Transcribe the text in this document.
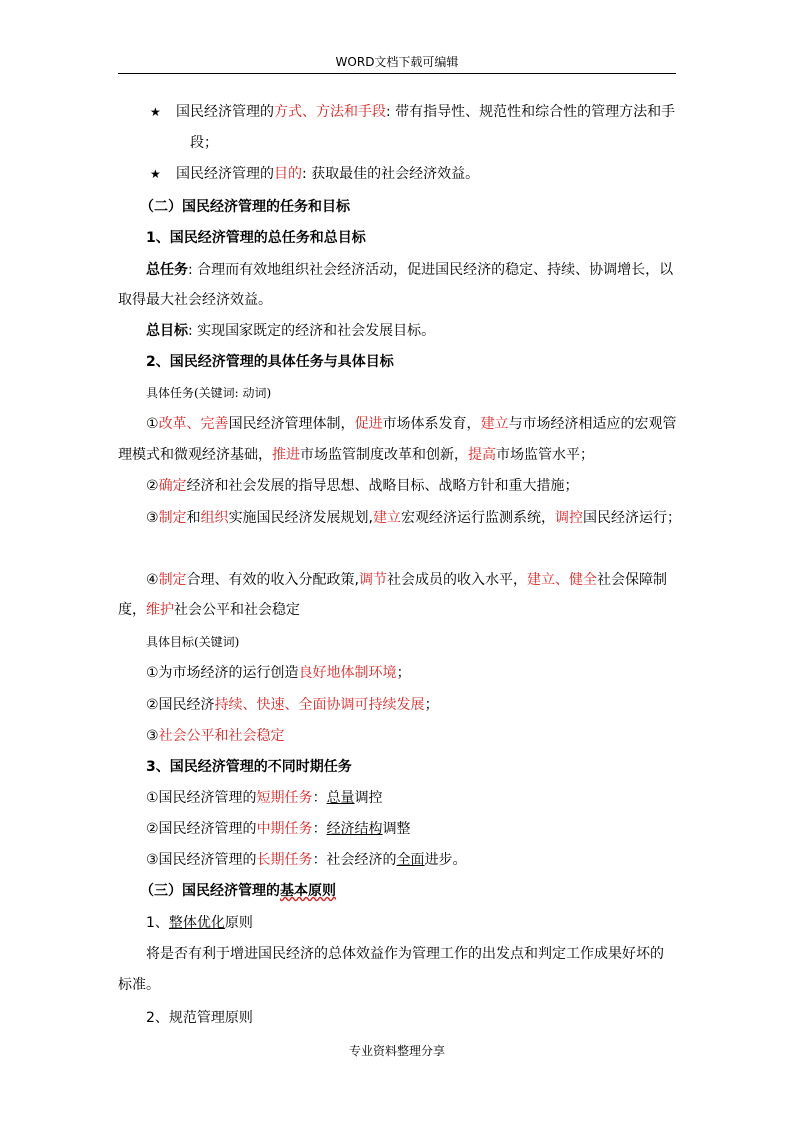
WORD文档下载可编辑
★ 国民经济管理的方式、方法和手段: 带有指导性、规范性和综合性的管理方法和手
段；
★ 国民经济管理的目的: 获取最佳的社会经济效益。
（二）国民经济管理的任务和目标
1、国民经济管理的总任务和总目标
总任务: 合理而有效地组织社会经济活动，促进国民经济的稳定、持续、协调增长，以
取得最大社会经济效益。
总目标: 实现国家既定的经济和社会发展目标。
2、国民经济管理的具体任务与具体目标
具体任务(关键词: 动词)
①改革、完善国民经济管理体制，促进市场体系发育，建立与市场经济相适应的宏观管
理模式和微观经济基础，推进市场监管制度改革和创新，提高市场监管水平；
②确定经济和社会发展的指导思想、战略目标、战略方针和重大措施；
③制定和组织实施国民经济发展规划,建立宏观经济运行监测系统，调控国民经济运行；
④制定合理、有效的收入分配政策,调节社会成员的收入水平，建立、健全社会保障制
度，维护社会公平和社会稳定
具体目标(关键词)
①为市场经济的运行创造良好地体制环境；
②国民经济持续、快速、全面协调可持续发展；
③社会公平和社会稳定
3、国民经济管理的不同时期任务
①国民经济管理的短期任务：总量调控
②国民经济管理的中期任务：经济结构调整
③国民经济管理的长期任务：社会经济的全面进步。
（三）国民经济管理的基本原则
1、整体优化原则
将是否有利于增进国民经济的总体效益作为管理工作的出发点和判定工作成果好坏的
标准。
2、规范管理原则
专业资料整理分享
